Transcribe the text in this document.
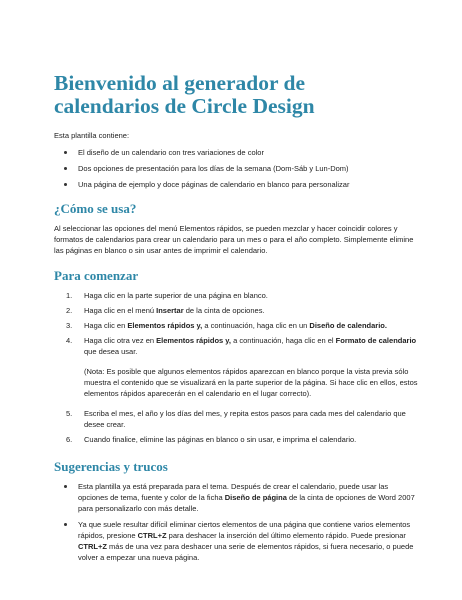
Bienvenido al generador de calendarios de Circle Design

Esta plantilla contiene:

El diseño de un calendario con tres variaciones de color
Dos opciones de presentación para los días de la semana (Dom-Sáb y Lun-Dom)
Una página de ejemplo y doce páginas de calendario en blanco para personalizar
¿Cómo se usa?

Al seleccionar las opciones del menú Elementos rápidos, se pueden mezclar y hacer coincidir colores y formatos de calendarios para crear un calendario para un mes o para el año completo. Simplemente elimine las páginas en blanco o sin usar antes de imprimir el calendario.

Para comenzar
1. Haga clic en la parte superior de una página en blanco.
2. Haga clic en el menú Insertar de la cinta de opciones.
3. Haga clic en Elementos rápidos y, a continuación, haga clic en un Diseño de calendario.
4. Haga clic otra vez en Elementos rápidos y, a continuación, haga clic en el Formato de calendario que desea usar.

(Nota: Es posible que algunos elementos rápidos aparezcan en blanco porque la vista previa sólo muestra el contenido que se visualizará en la parte superior de la página. Si hace clic en ellos, estos elementos rápidos aparecerán en el calendario en el lugar correcto).

5. Escriba el mes, el año y los días del mes, y repita estos pasos para cada mes del calendario que desee crear.
6. Cuando finalice, elimine las páginas en blanco o sin usar, e imprima el calendario.
Sugerencias y trucos
Esta plantilla ya está preparada para el tema. Después de crear el calendario, puede usar las opciones de tema, fuente y color de la ficha Diseño de página de la cinta de opciones de Word 2007 para personalizarlo con más detalle.
Ya que suele resultar difícil eliminar ciertos elementos de una página que contiene varios elementos rápidos, presione CTRL+Z para deshacer la inserción del último elemento rápido. Puede presionar CTRL+Z más de una vez para deshacer una serie de elementos rápidos, si fuera necesario, o puede volver a empezar una nueva página.
